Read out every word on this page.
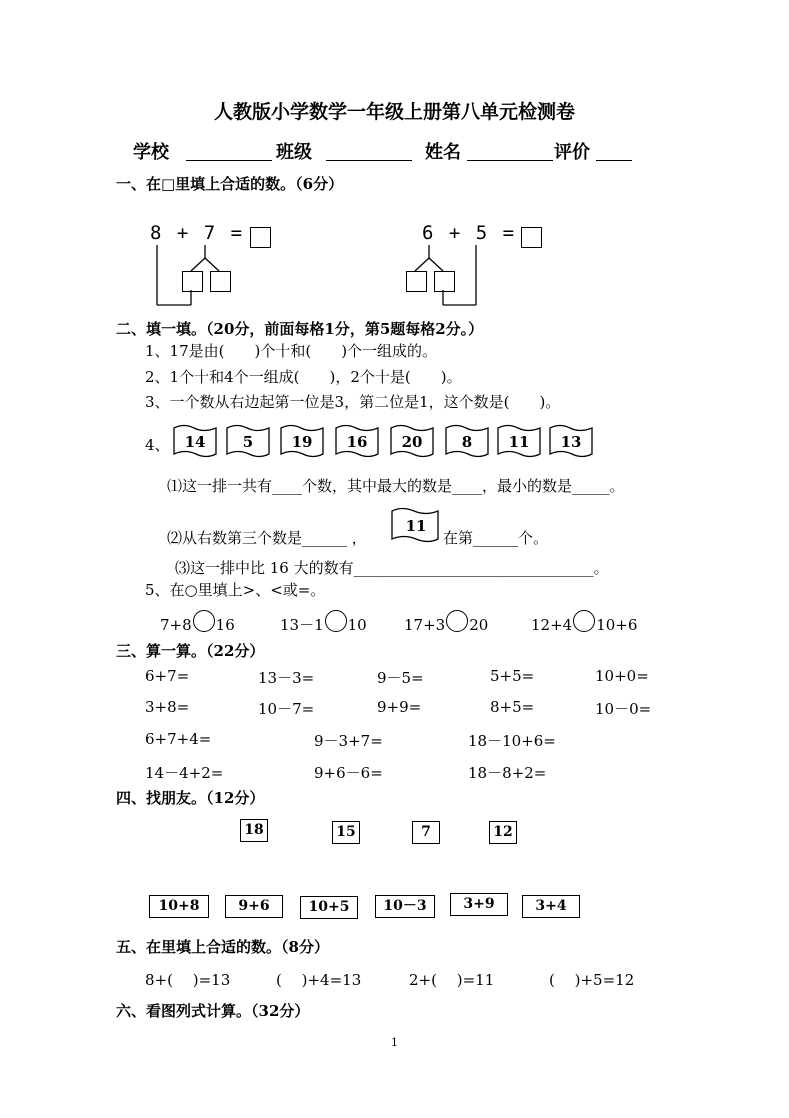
人教版小学数学一年级上册第八单元检测卷
学校	班级	姓名	评价
一、在□里填上合适的数。（6分）
8 + 7 =	6 + 5 =
二、填一填。（20分，前面每格1分，第5题每格2分。）
1、17是由(　　)个十和(　　)个一组成的。
2、1个十和4个一组成(　　)，2个十是(　　)。
3、一个数从右边起第一位是3，第二位是1，这个数是(　　)。
4、 14 5	19 16 20	8 11 13
⑴这一排一共有____个数，其中最大的数是____，最小的数是_____。
⑵从右数第三个数是______ ，
11
在第______个。
⑶这一排中比 16 大的数有________________________________。
5、在○里填上>、<或=。
7+8 16	13－1 10 17+3 20	12+4 10+6
三、算一算。（22分）
6+7=	13－3=	9－5=	5+5=	10+0=
3+8=	10－7=	9+9=	8+5=	10－0=
6+7+4=	9－3+7=	18－10+6=
14－4+2=	9+6－6=	18－8+2=
四、找朋友。（12分）
18	15	7	12
10+8	9+6	10+5	10－3	3+9	3+4
五、在里填上合适的数。（8分）
8+(　 )=13	(　 )+4=13	2+(　 )=11	(　 )+5=12
六、看图列式计算。（32分）
1
